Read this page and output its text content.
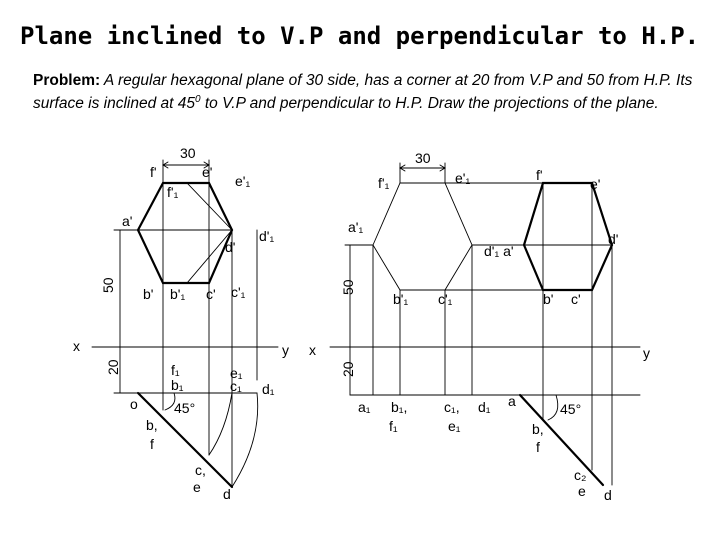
Plane inclined to V.P and perpendicular to H.P.
Problem: A regular hexagonal plane of 30 side, has a corner at 20 from V.P and 50 from H.P. Its surface is inclined at $45^0$ to V.P and perpendicular to H.P. Draw the projections of the plane.
30
f'	e'
e'₁
f'₁
a'
d'
d'₁
b' b'₁ c' c'₁
50
20
x	y
f₁
b₁
e₁
c₁ d₁
o	45°
b,
f
c,
e d
30
f'₁	e'₁
a'₁
d'₁ a'
b'₁ c'₁
f'
e'
d'
b' c'
50
20
x	y
a₁ b₁,
f₁
c₁,
e₁
d₁ a	45°
b,
f
c₂
e d
